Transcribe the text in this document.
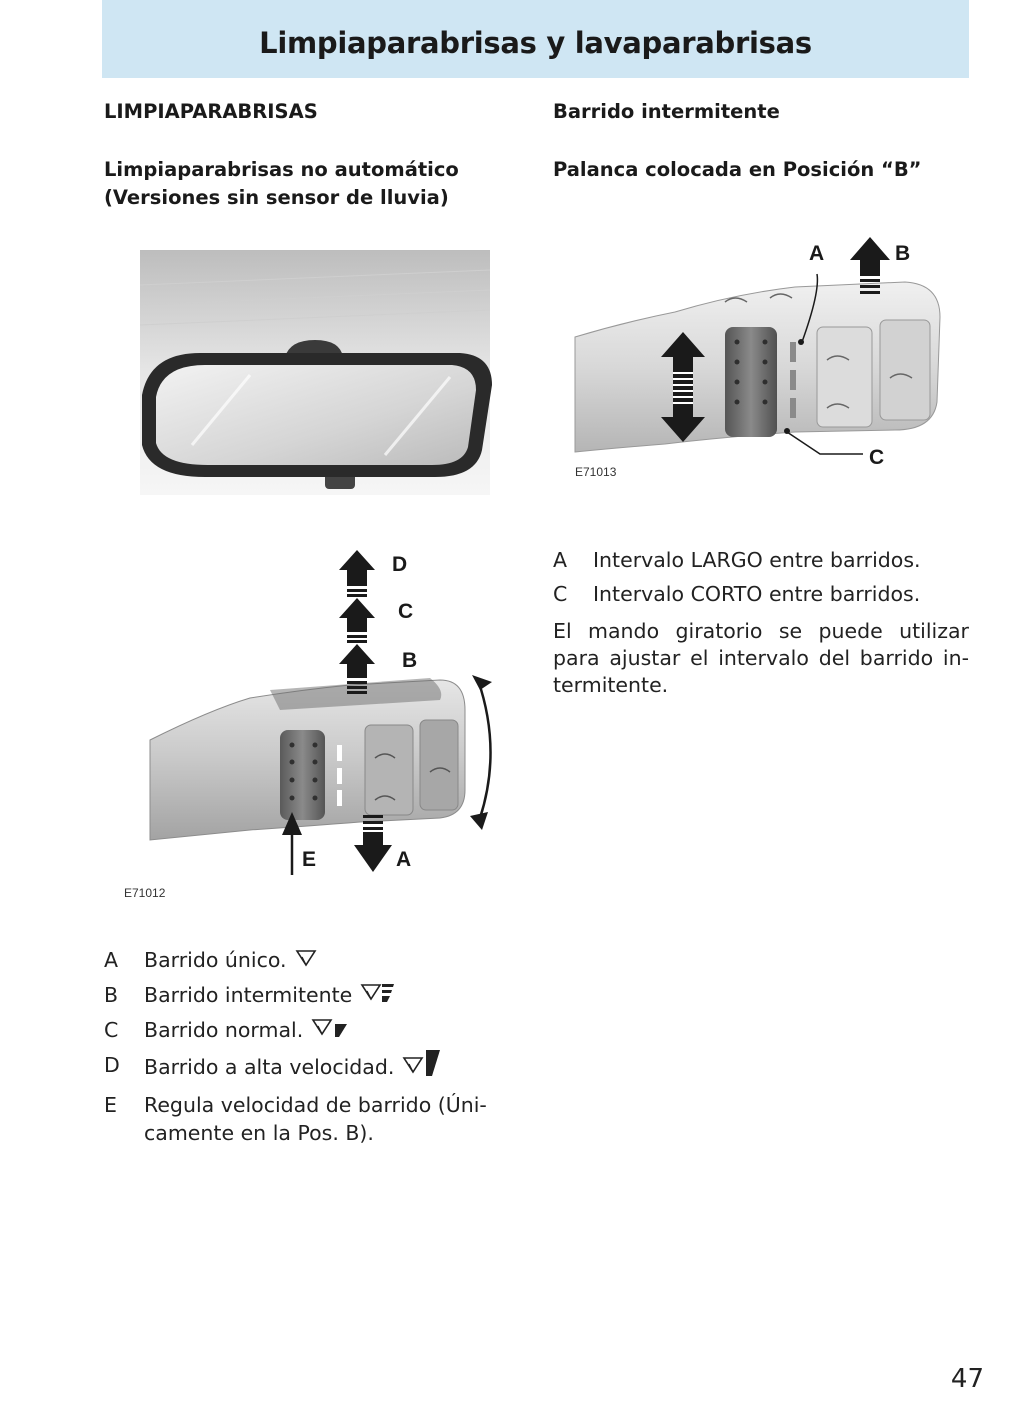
Limpiaparabrisas y lavaparabrisas
LIMPIAPARABRISAS
Limpiaparabrisas no automático
(Versiones sin sensor de lluvia)
Barrido intermitente
Palanca colocada en Posición “B”
D
C
B
E	A
E71012
A	B
C
E71013
A	Barrido único.
B	Barrido intermitente
C	Barrido normal.
D	Barrido a alta velocidad.
E	Regula velocidad de barrido (Úni-
camente en la Pos. B).
A	Intervalo LARGO entre barridos.
C	Intervalo CORTO entre barridos.
El mando giratorio se puede utilizar
para ajustar el intervalo del barrido in-
termitente.
47
